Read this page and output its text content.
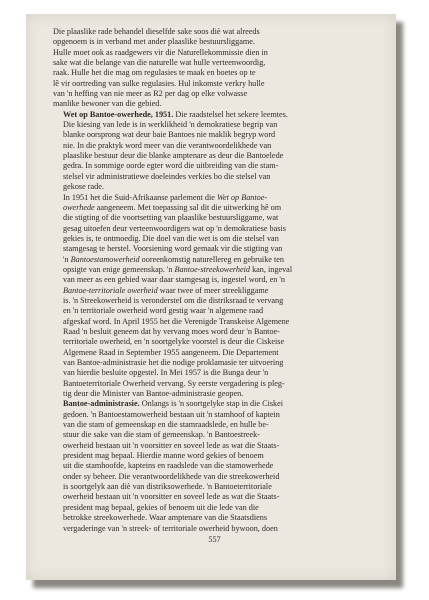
Die plaaslike rade behandel dieselfde sake soos diè wat alreeds
opgenoem is in verband met ander plaaslike bestuursliggame.
Hulle moet ook as raadgewers vir die Naturellekommissie dien in
sake wat die belange van die naturelle wat hulle verteenwoordig,
raak. Hulle het die mag om regulasies te maak en boetes op te
lê vir oortreding van sulke regulasies. Hul inkomste verkry hulle
van 'n heffing van nie meer as R2 per dag op elke volwasse
manlike bewoner van die gebied.

Wet op Bantoe-owerhede, 1951. Die raadstelsel het sekere leemtes.
Die kiesing van lede is in werklikheid 'n demokratiese begrip van
blanke oorsprong wat deur baie Bantoes nie maklik begryp word
nie. In die praktyk word meer van die verantwoordelikhede van
plaaslike bestuur deur die blanke amptenare as deur die Bantoelede
gedra. In sommige oorde egter word die uitbreiding van die stam-
stelsel vir administratiewe doeleindes verkies bo die stelsel van
gekose rade.

In 1951 het die Suid-Afrikaanse parlement die Wet op Bantoe-
owerhede aangeneem. Met toepassing sal dit die uitwerking hê om
die stigting of die voortsetting van plaaslike bestuursliggame, wat
gesag uitoefen deur verteenwoordigers wat op 'n demokratiese basis
gekies is, te ontmoedig. Die doel van die wet is om die stelsel van
stamgesag te herstel. Voorsiening word gemaak vir die stigting van
'n Bantoestamowerheid ooreenkomstig naturellereg en gebruike ten
opsigte van enige gemeenskap. 'n Bantoe-streekowerheid kan, ingeval
van meer as een gebied waar daar stamgesag is, ingestel word, en 'n
Bantoe-territoriale owerheid waar twee of meer streekliggame
is. 'n Streekowerheid is verondersteI om die distriksraad te vervang
en 'n territoriale owerheid word gestig waar 'n algemene raad
afgeskaf word. In April 1955 het die Verenigde Transkeise Algemene
Raad 'n besluit geneem dat hy vervang moes word deur 'n Bantoe-
territoriale owerheid, en 'n soortgelyke voorstel is deur die Ciskeise
Algemene Raad in September 1955 aangeneem. Die Departement
van Bantoe-administrasie het die nodige proklamasie ter uitvoering
van hierdie besluite opgestel. In Mei 1957 is die Bunga deur 'n
Bantoeterritoriale Owerheid vervang. Sy eerste vergadering is pleg-
tig deur die Minister van Bantoe-administrasie geopen.

Bantoe-administrasie. Onlangs is 'n soortgelyke stap in die Ciskei
gedoen. 'n Bantoestamowerheid bestaan uit 'n stamhoof of kaptein
van die stam of gemeenskap en die stamraadslede, en hulle be-
stuur die sake van die stam of gemeenskap. 'n Bantoestreek-
owerheid bestaan uit 'n voorsitter en soveel lede as wat die Staats-
president mag bepaal. Hierdie manne word gekies of benoem
uit die stamhoofde, kapteins en raadslede van die stamowerhede
onder sy beheer. Die verantwoordelikhede van die streekowerheid
is soortgelyk aan diè van distriksowerhede. 'n Bantoeterritoriale
owerheid bestaan uit 'n voorsitter en soveel lede as wat die Staats-
president mag bepaal, gekies of benoem uit die lede van die
betrokke streekowerhede. Waar amptenare van die Staatsdiens
vergaderinge van 'n streek- of territoriale owerheid bywoon, doen

557
